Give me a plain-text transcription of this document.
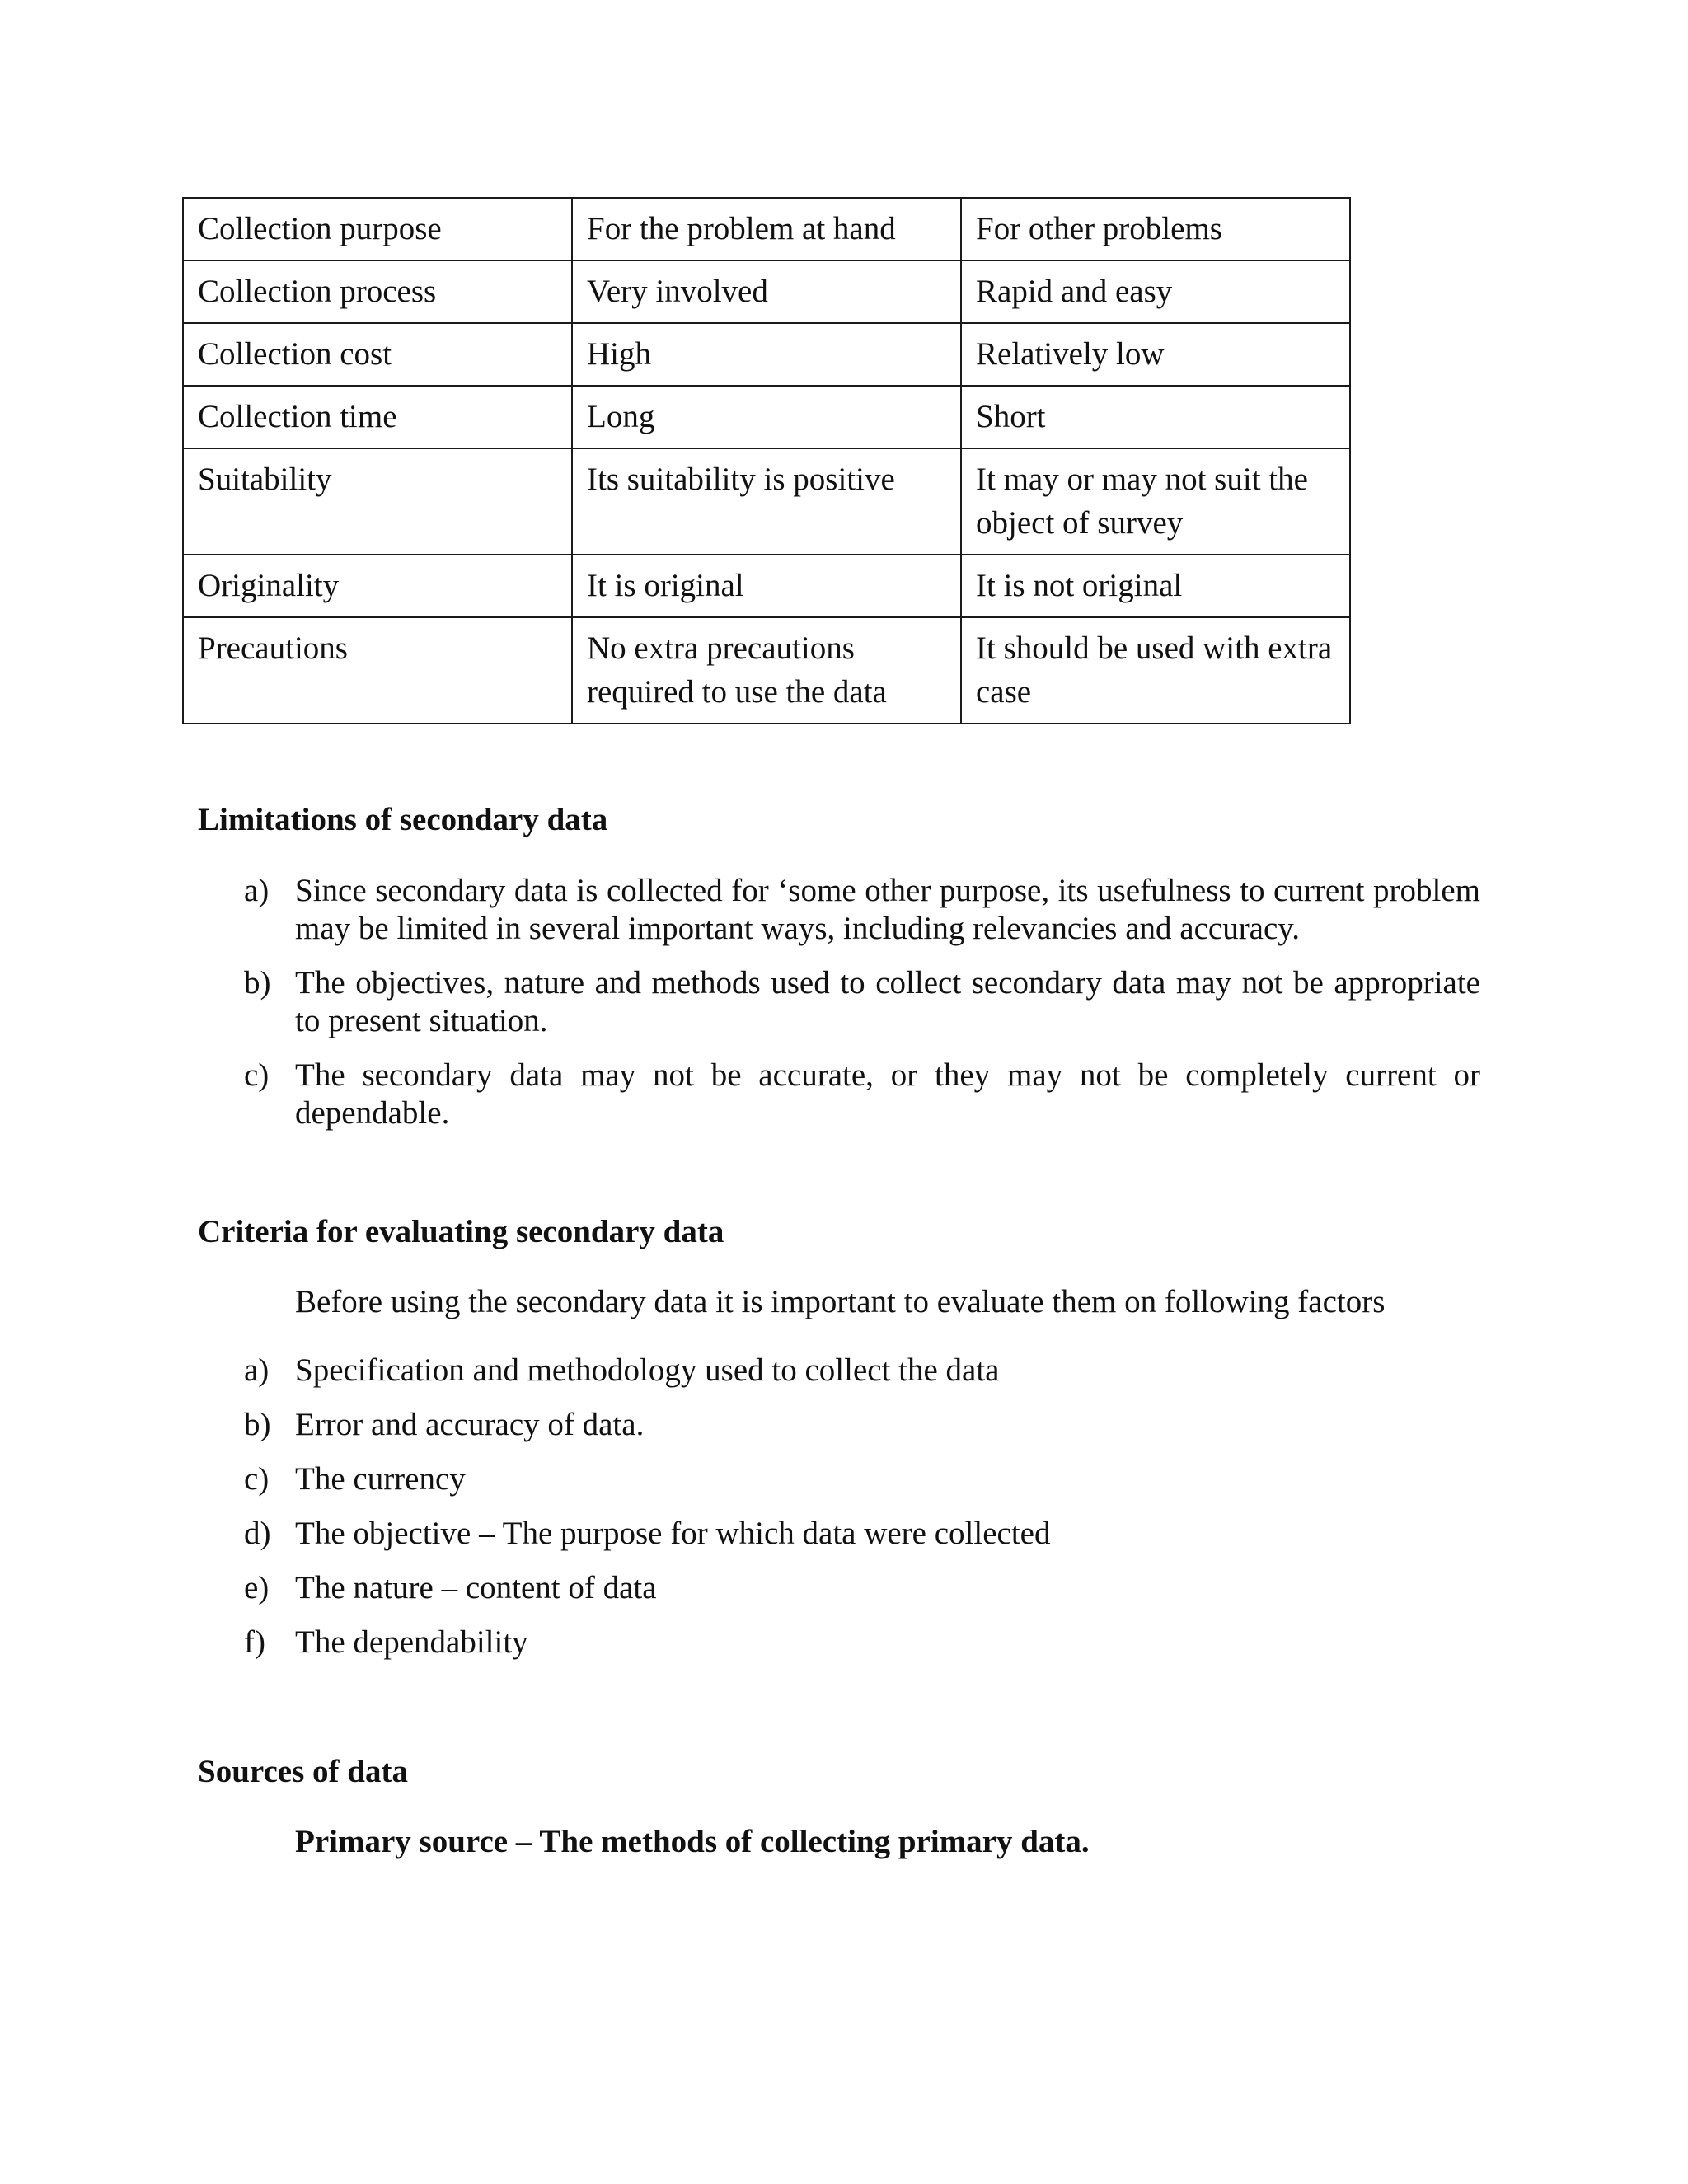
Collection purpose	For the problem at hand	For other problems
Collection process	Very involved	Rapid and easy
Collection cost	High	Relatively low
Collection time	Long	Short
Suitability	Its suitability is positive	It may or may not suit the object of survey
Originality	It is original	It is not original
Precautions	No extra precautions required to use the data	It should be used with extra case
Limitations of secondary data
a) Since secondary data is collected for ‘some other purpose, its usefulness to current problem may be limited in several important ways, including relevancies and accuracy.
b) The objectives, nature and methods used to collect secondary data may not be appropriate to present situation.
c) The secondary data may not be accurate, or they may not be completely current or dependable.
Criteria for evaluating secondary data

Before using the secondary data it is important to evaluate them on following factors

a) Specification and methodology used to collect the data
b) Error and accuracy of data.
c) The currency
d) The objective – The purpose for which data were collected
e) The nature – content of data
f) The dependability
Sources of data

Primary source – The methods of collecting primary data.
